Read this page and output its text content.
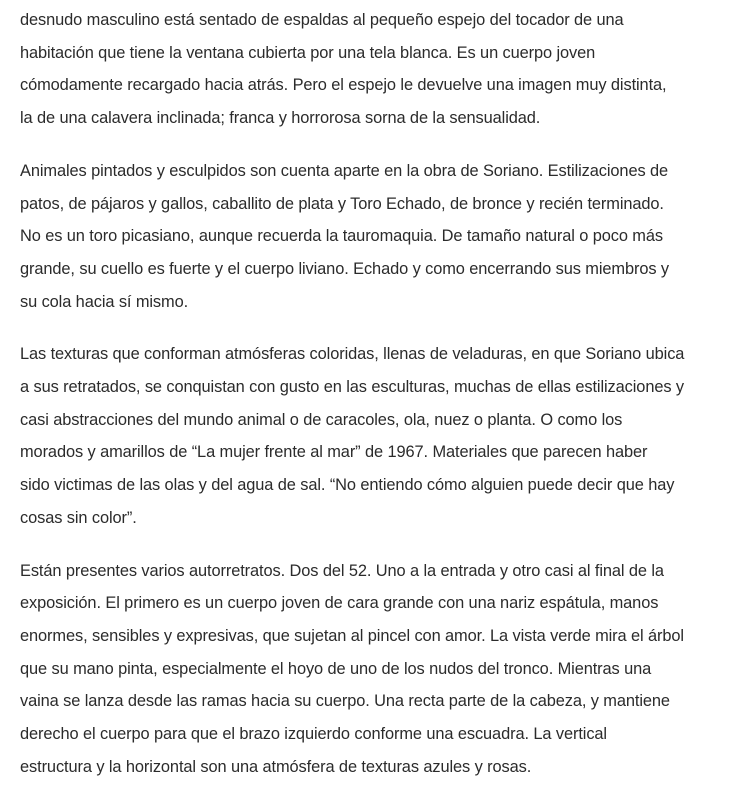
desnudo masculino está sentado de espaldas al pequeño espejo del tocador de una
habitación que tiene la ventana cubierta por una tela blanca. Es un cuerpo joven
cómodamente recargado hacia atrás. Pero el espejo le devuelve una imagen muy distinta,
la de una calavera inclinada; franca y horrorosa sorna de la sensualidad.

Animales pintados y esculpidos son cuenta aparte en la obra de Soriano. Estilizaciones de
patos, de pájaros y gallos, caballito de plata y Toro Echado, de bronce y recién terminado.
No es un toro picasiano, aunque recuerda la tauromaquia. De tamaño natural o poco más
grande, su cuello es fuerte y el cuerpo liviano. Echado y como encerrando sus miembros y
su cola hacia sí mismo.

Las texturas que conforman atmósferas coloridas, llenas de veladuras, en que Soriano ubica
a sus retratados, se conquistan con gusto en las esculturas, muchas de ellas estilizaciones y
casi abstracciones del mundo animal o de caracoles, ola, nuez o planta. O como los
morados y amarillos de “La mujer frente al mar” de 1967. Materiales que parecen haber
sido victimas de las olas y del agua de sal. “No entiendo cómo alguien puede decir que hay
cosas sin color”.

Están presentes varios autorretratos. Dos del 52. Uno a la entrada y otro casi al final de la
exposición. El primero es un cuerpo joven de cara grande con una nariz espátula, manos
enormes, sensibles y expresivas, que sujetan al pincel con amor. La vista verde mira el árbol
que su mano pinta, especialmente el hoyo de uno de los nudos del tronco. Mientras una
vaina se lanza desde las ramas hacia su cuerpo. Una recta parte de la cabeza, y mantiene
derecho el cuerpo para que el brazo izquierdo conforme una escuadra. La vertical
estructura y la horizontal son una atmósfera de texturas azules y rosas.
